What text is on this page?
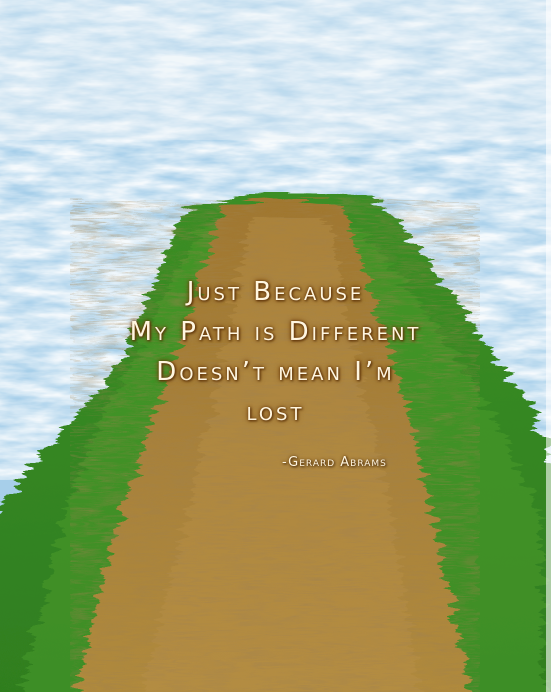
Just Because
My Path is Different
Doesn’t mean I’m
lost

-Gerard Abrams
